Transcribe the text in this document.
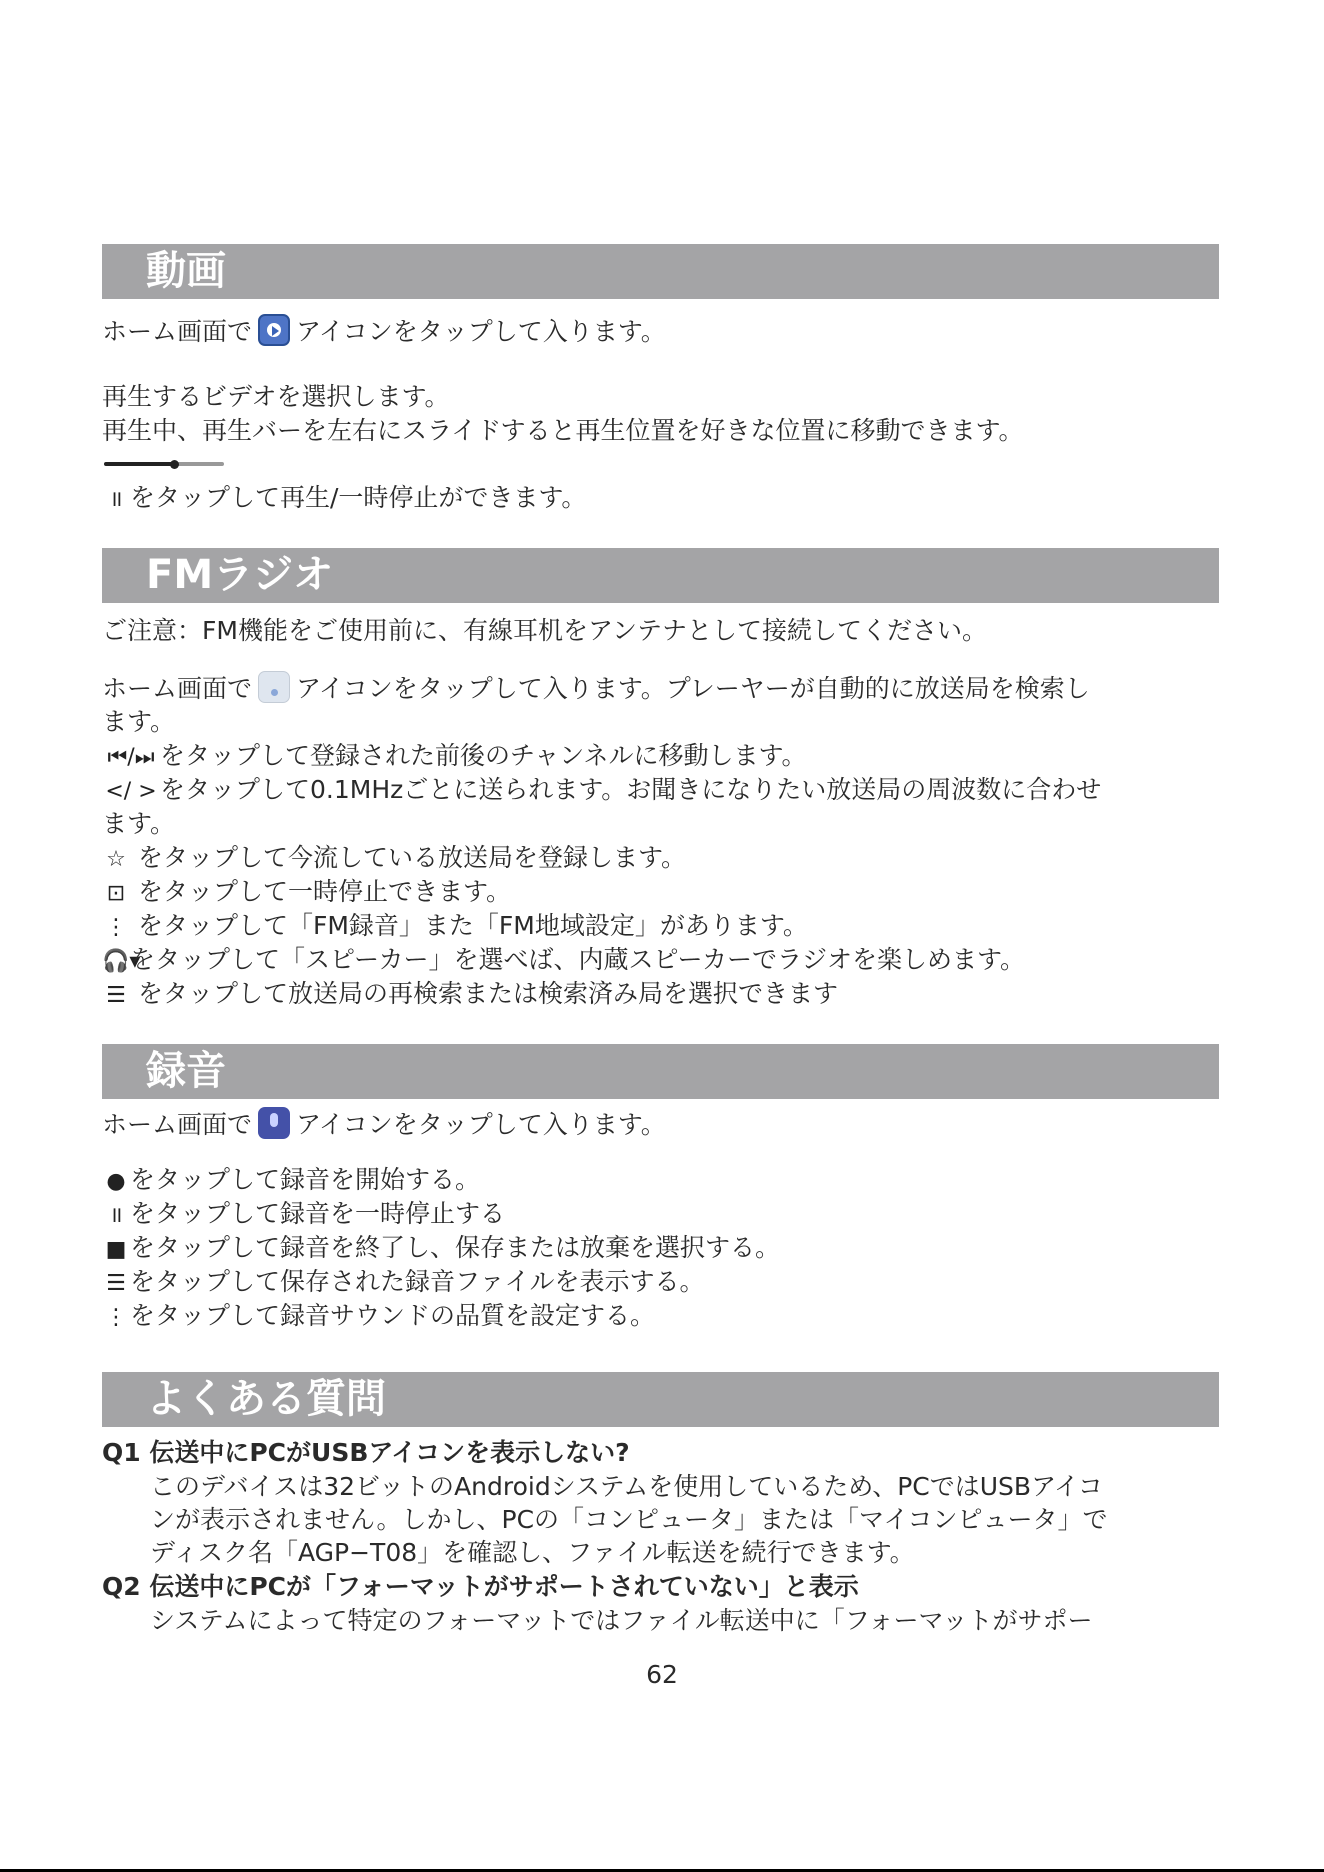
動画
ホーム画面で アイコンをタップして入ります。
再生するビデオを選択します。
再生中、再生バーを左右にスライドすると再生位置を好きな位置に移動できます。
॥ をタップして再生/一時停止ができます。
FMラジオ
ご注意：FM機能をご使用前に、有線耳机をアンテナとして接続してください。
ホーム画面で アイコンをタップして入ります。プレーヤーが自動的に放送局を検索し
ます。
⏮/⏭ をタップして登録された前後のチャンネルに移動します。
</ > をタップして0.1MHzごとに送られます。お聞きになりたい放送局の周波数に合わせ
ます。
☆ をタップして今流している放送局を登録します。
⊡ をタップして一時停止できます。
⋮ をタップして「FM録音」また「FM地域設定」があります。
🎧▾をタップして「スピーカー」を選べば、内蔵スピーカーでラジオを楽しめます。
☰ をタップして放送局の再検索または検索済み局を選択できます
録音
ホーム画面で アイコンをタップして入ります。
● をタップして録音を開始する。
॥ をタップして録音を一時停止する
■ をタップして録音を終了し、保存または放棄を選択する。
☰ をタップして保存された録音ファイルを表示する。
⋮ をタップして録音サウンドの品質を設定する。
よくある質問
Q1 伝送中にPCがUSBアイコンを表示しない?
このデバイスは32ビットのAndroidシステムを使用しているため、PCではUSBアイコ
ンが表示されません。しかし、PCの「コンピュータ」または「マイコンピュータ」で
ディスク名「AGP−T08」を確認し、ファイル転送を続行できます。
Q2 伝送中にPCが「フォーマットがサポートされていない」と表示
システムによって特定のフォーマットではファイル転送中に「フォーマットがサポー
62
